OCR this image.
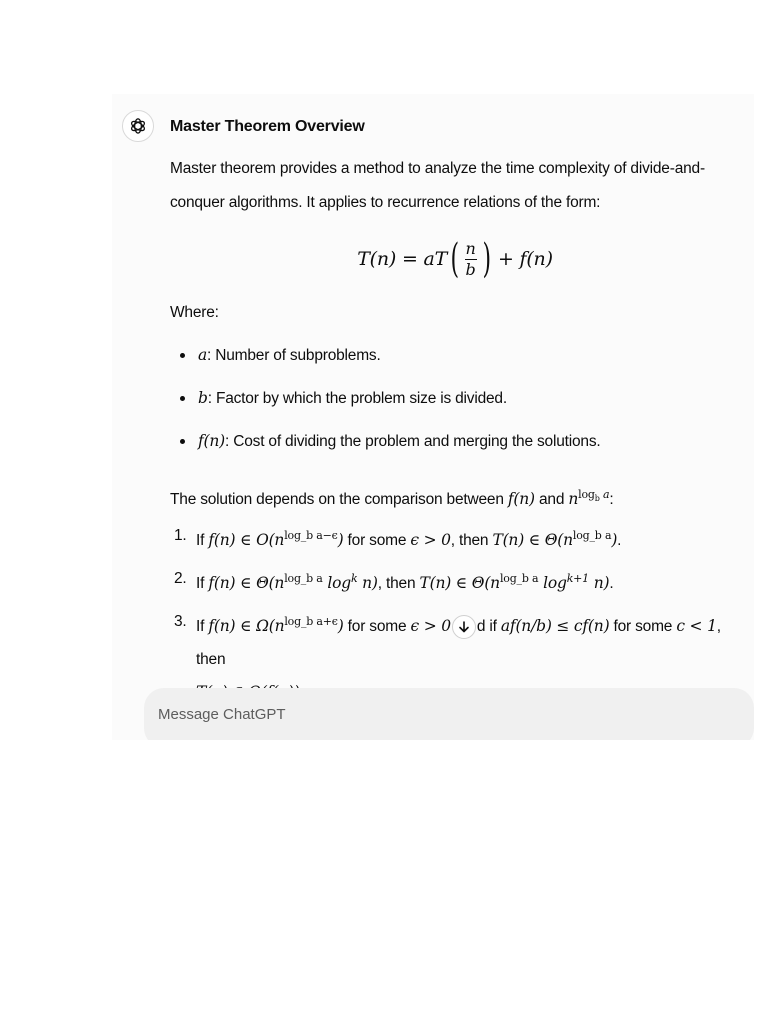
Master Theorem Overview

Master theorem provides a method to analyze the time complexity of divide-and-conquer algorithms. It applies to recurrence relations of the form:

T(n) = aT ( $\frac{n}{b}$ ) + f(n)
Where:
a: Number of subproblems.
b: Factor by which the problem size is divided.
f(n): Cost of dividing the problem and merging the solutions.
The solution depends on the comparison between f(n) and $n^{log_b a}$:
1. If f(n) ∈ $O(n^{log\_b a-\epsilon})$ for some ϵ > 0, then T(n) ∈ $\Theta(n^{log\_b a})$.
2. If f(n) ∈ $\Theta(n^{log\_b a}$ $\log^k n$), then T(n) ∈ $\Theta(n^{log\_b a}$ $\log^{k+1} n$).
3. If f(n) ∈ $\Omega(n^{log\_b a+\epsilon})$ for some ϵ > 0 d if af(n/b) ≤ cf(n) for some c < 1, then

Message ChatGPT
